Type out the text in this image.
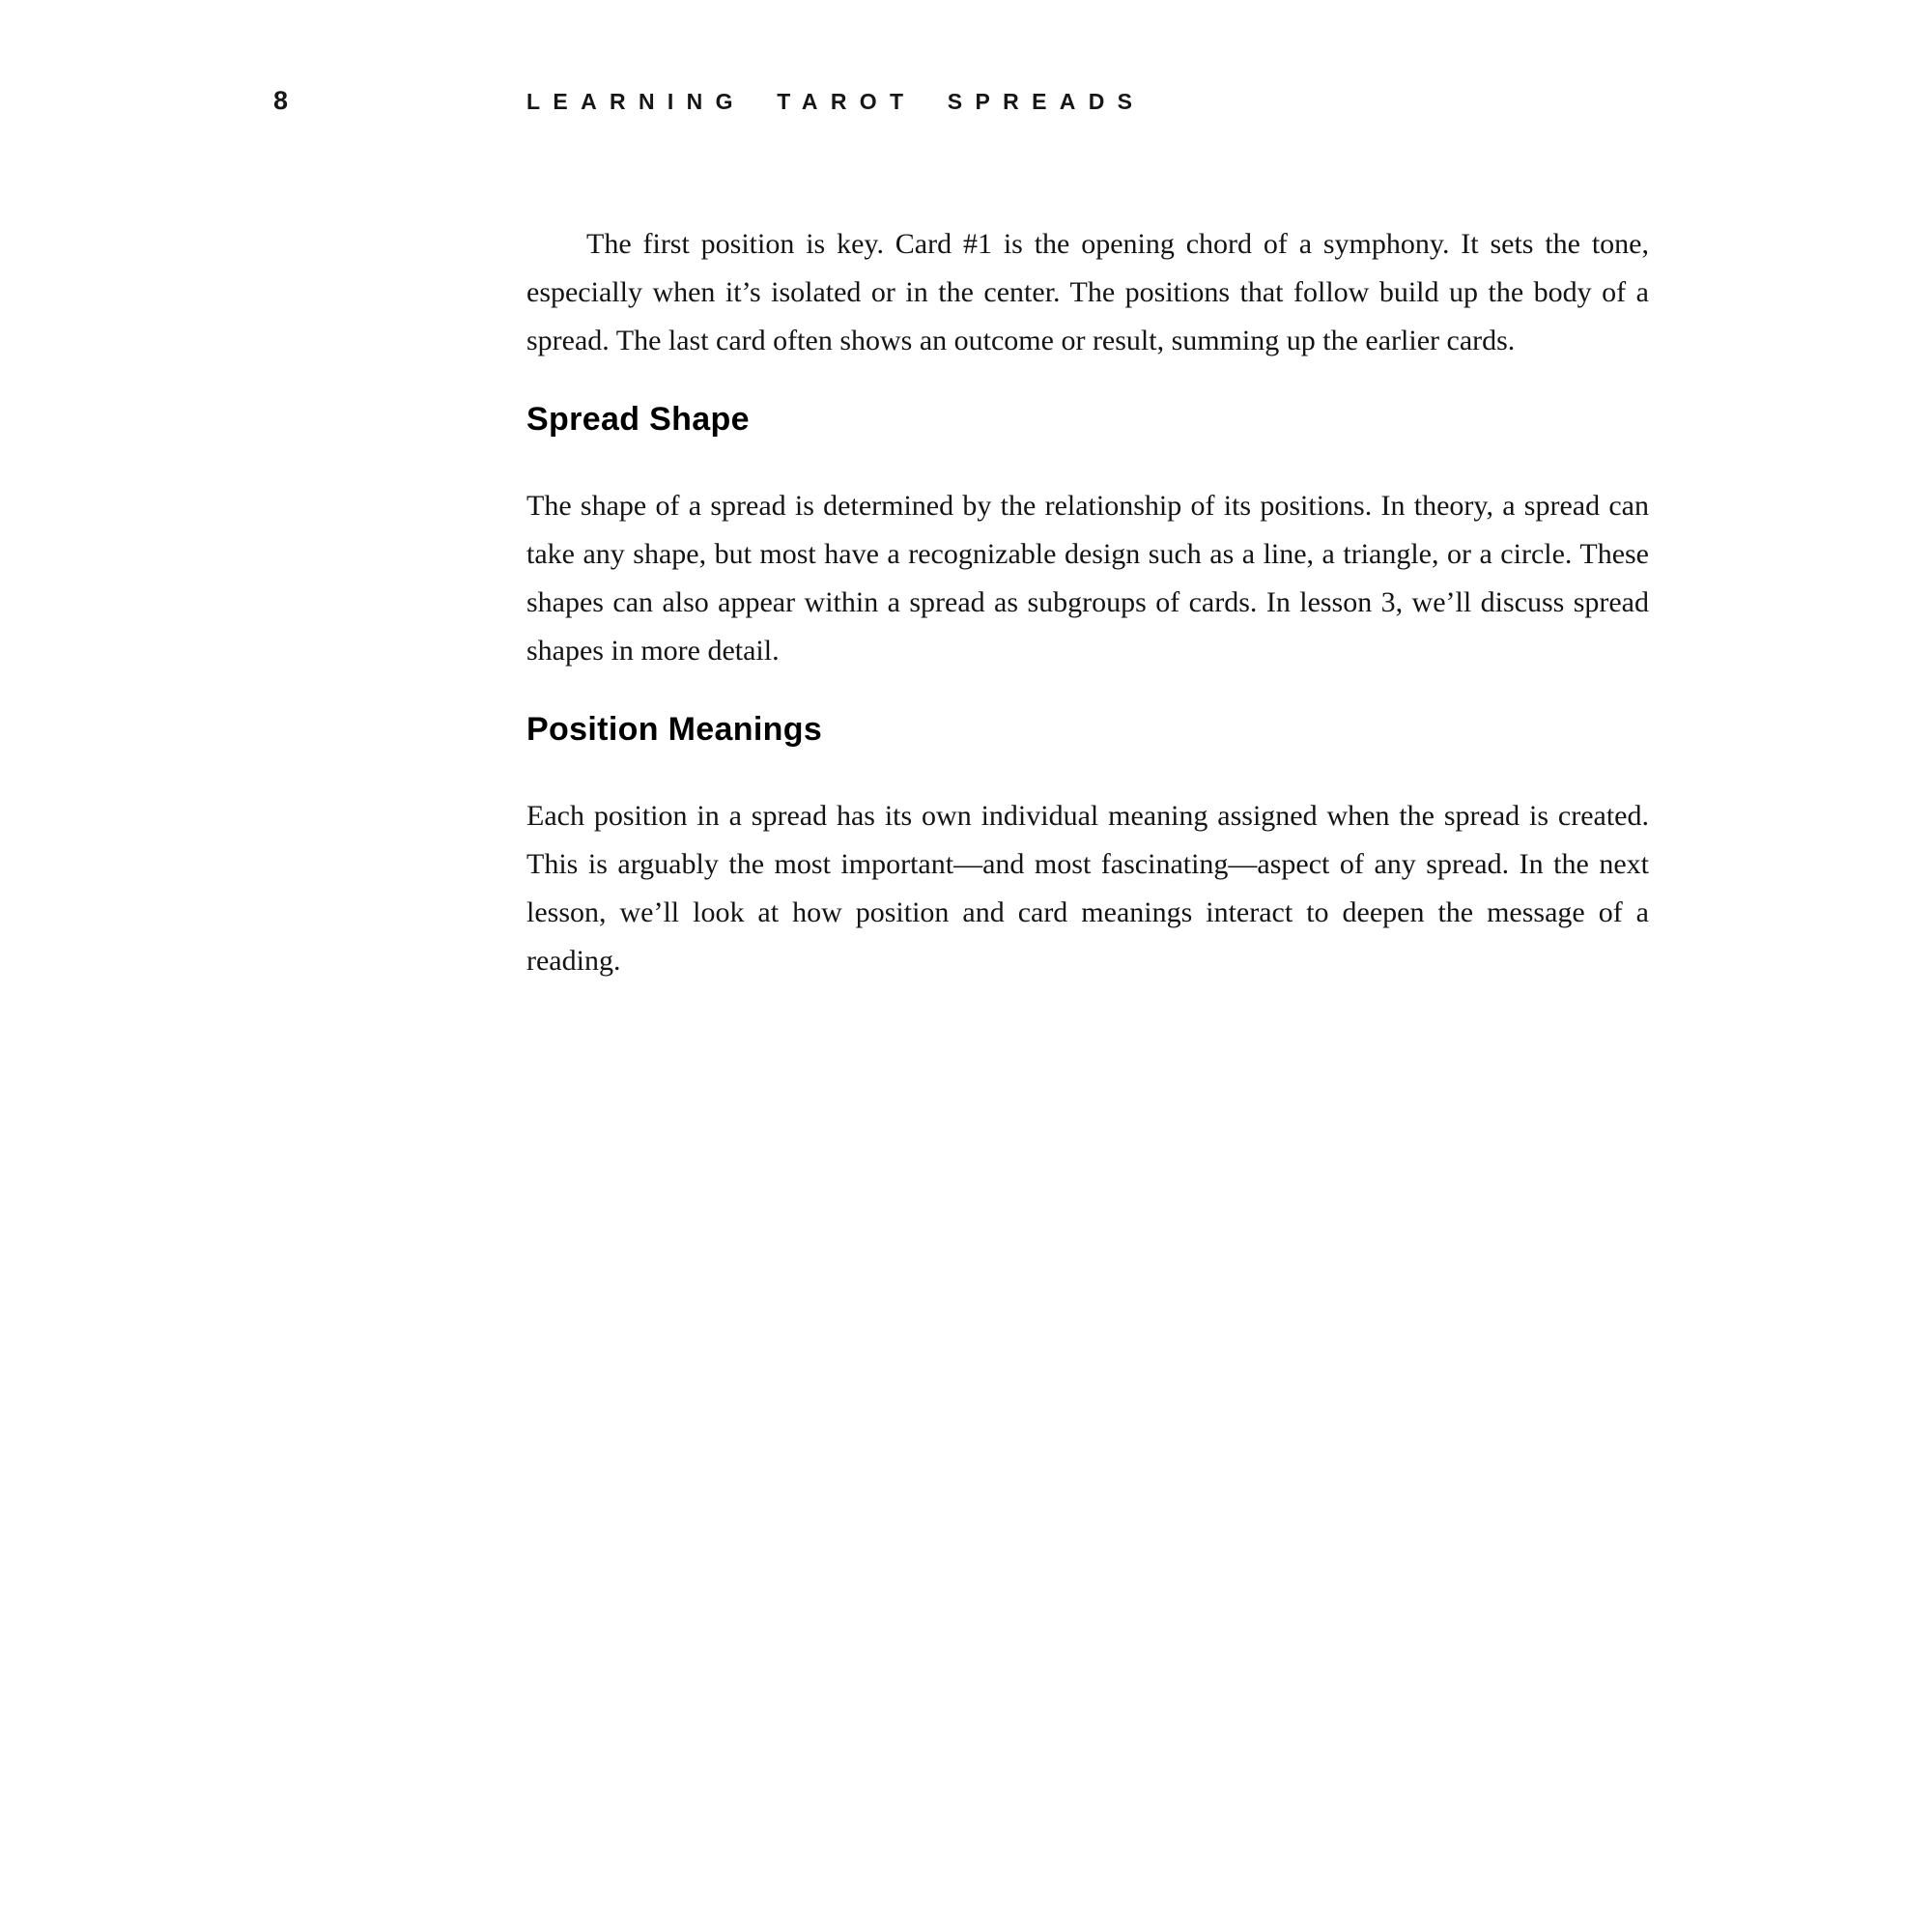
8	LEARNING TAROT SPREADS

The first position is key. Card #1 is the opening chord of a symphony. It sets the tone, especially when it’s isolated or in the center. The positions that follow build up the body of a spread. The last card often shows an outcome or result, summing up the earlier cards.

Spread Shape

The shape of a spread is determined by the relationship of its positions. In theory, a spread can take any shape, but most have a recognizable design such as a line, a triangle, or a circle. These shapes can also appear within a spread as subgroups of cards. In lesson 3, we’ll discuss spread shapes in more detail.

Position Meanings

Each position in a spread has its own individual meaning assigned when the spread is created. This is arguably the most important—and most fascinating—aspect of any spread. In the next lesson, we’ll look at how position and card meanings interact to deepen the message of a reading.
